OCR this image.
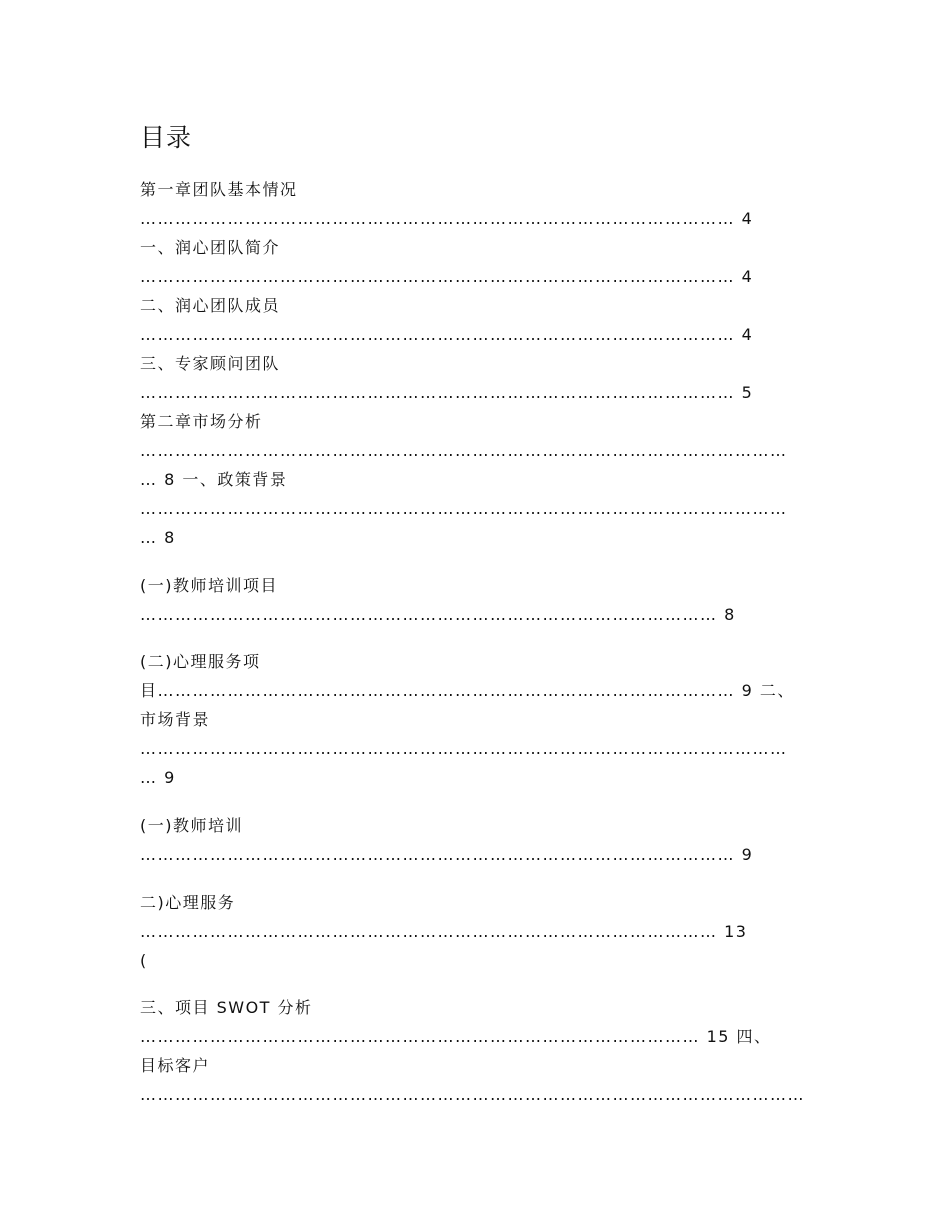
目录
第一章团队基本情况
………………………………………………………………………………………… 4
一、润心团队简介
………………………………………………………………………………………… 4
二、润心团队成员
………………………………………………………………………………………… 4
三、专家顾问团队
………………………………………………………………………………………… 5
第二章市场分析
…………………………………………………………………………………………………
… 8 一、政策背景
…………………………………………………………………………………………………
… 8
(一)教师培训项目
……………………………………………………………………………………… 8
(二)心理服务项
目……………………………………………………………………………………… 9 二、
市场背景
…………………………………………………………………………………………………
… 9
(一)教师培训
………………………………………………………………………………………… 9
二)心理服务
……………………………………………………………………………………… 13
(
三、项目 SWOT 分析
…………………………………………………………………………………… 15 四、
目标客户
……………………………………………………………………………………………………
